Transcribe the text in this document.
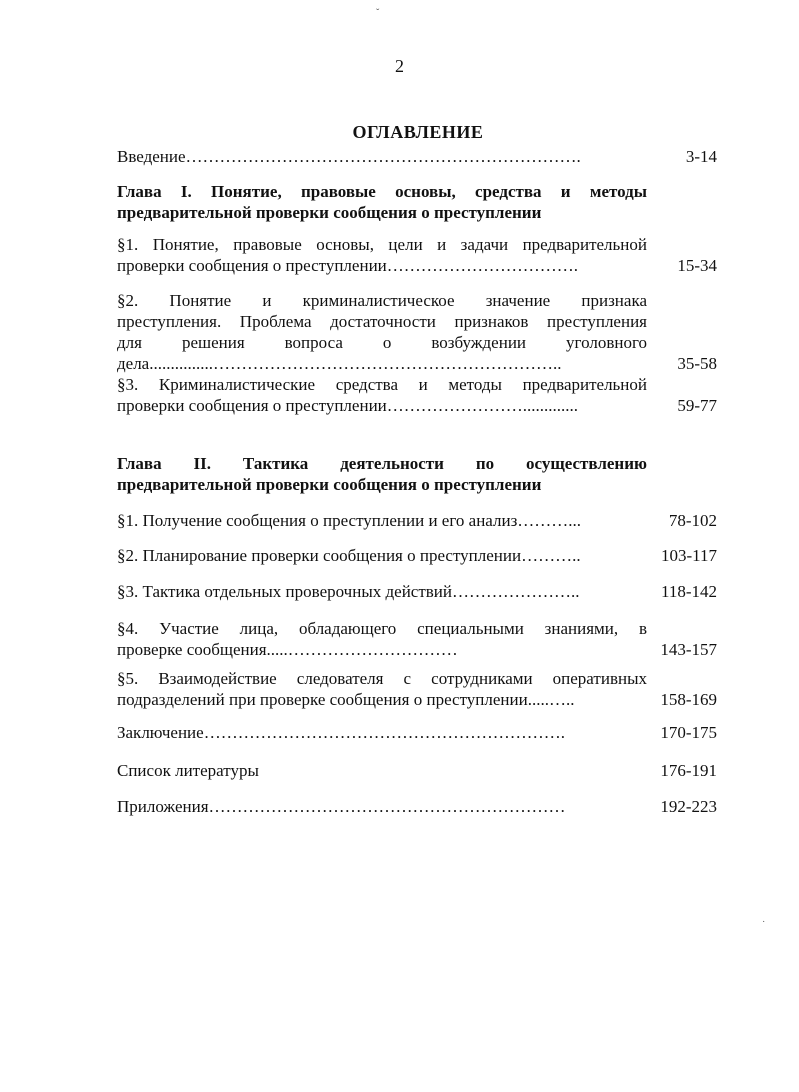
2
ОГЛАВЛЕНИЕ
Введение…………………………………………………………….	3-14
Глава I. Понятие, правовые основы, средства и методы
предварительной проверки сообщения о преступлении
§1. Понятие, правовые основы, цели и задачи предварительной
проверки сообщения о преступлении…………………………….	15-34
§2. Понятие и криминалистическое значение признака
преступления. Проблема достаточности признаков преступления
для решения вопроса о возбуждении уголовного
дела...............……………………………………………………..	35-58
§3. Криминалистические средства и методы предварительной
проверки сообщения о преступлении…………………….............	59-77
Глава II. Тактика деятельности по осуществлению
предварительной проверки сообщения о преступлении
§1. Получение сообщения о преступлении и его анализ………...	78-102
§2. Планирование проверки сообщения о преступлении………..	103-117
§3. Тактика отдельных проверочных действий…………………..	118-142
§4. Участие лица, обладающего специальными знаниями, в
проверке сообщения.....…………………………	143-157
§5. Взаимодействие следователя с сотрудниками оперативных
подразделений при проверке сообщения о преступлении.....…..	158-169
Заключение……………………………………………………….	170-175
Список литературы	176-191
Приложения………………………………………………………	192-223
ˇ
˙
